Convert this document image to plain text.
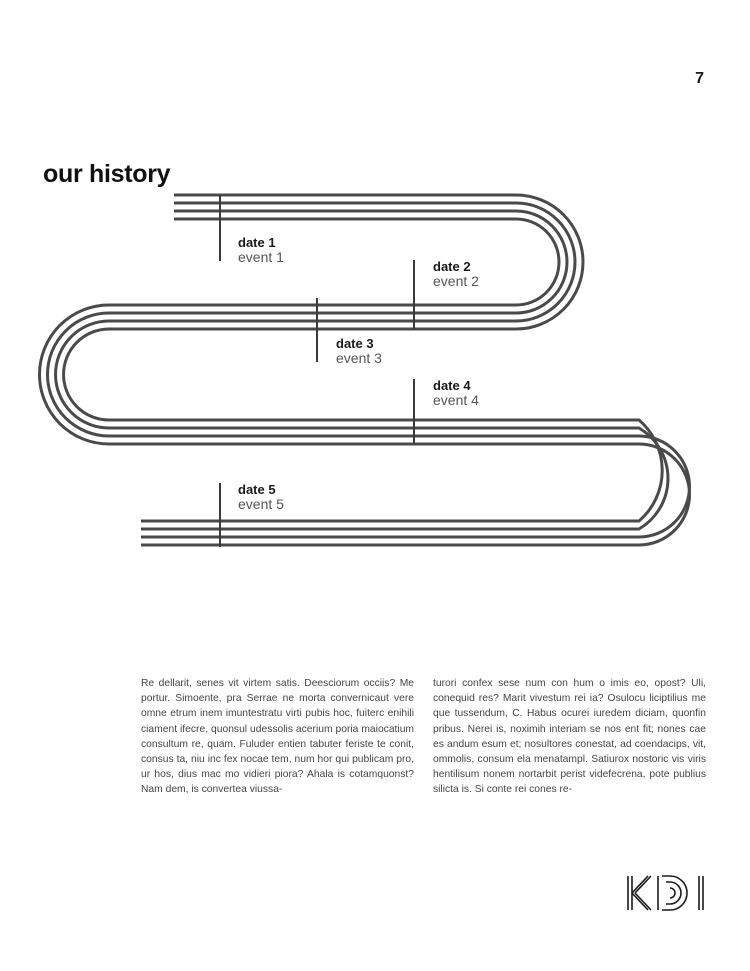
7
our history
date 1
event 1
date 2
event 2
date 3
event 3
date 4
event 4
date 5
event 5

Re dellarit, senes vit virtem satis. Deesciorum occiis? Me portur. Simoente, pra Serrae ne morta convernicaut vere omne etrum inem imuntestratu virti pubis hoc, fuiterc enihili ciament ifecre, quonsul udessolis acerium poria maiocatium consultum re, quam. Fuluder entien tabuter feriste te conit, consus ta, niu inc fex nocae tem, num hor qui publicam pro, ur hos, dius mac mo vidieri piora? Ahala is cotamquonst? Nam dem, is convertea viussa-

turori confex sese num con hum o imis eo, opost? Uli, conequid res? Marit vivestum rei ia? Osulocu liciptilius me que tussendum, C. Habus ocurei iuredem diciam, quonfin pribus. Nerei is, noximih interiam se nos ent fit; nones cae es andum esum et; nosultores conestat, ad coendacips, vit, ommolis, consum ela menatampl. Satiurox nostoric vis viris hentilisum nonem nortarbit perist videfecrena, pote publius silicta is. Si conte rei cones re-
